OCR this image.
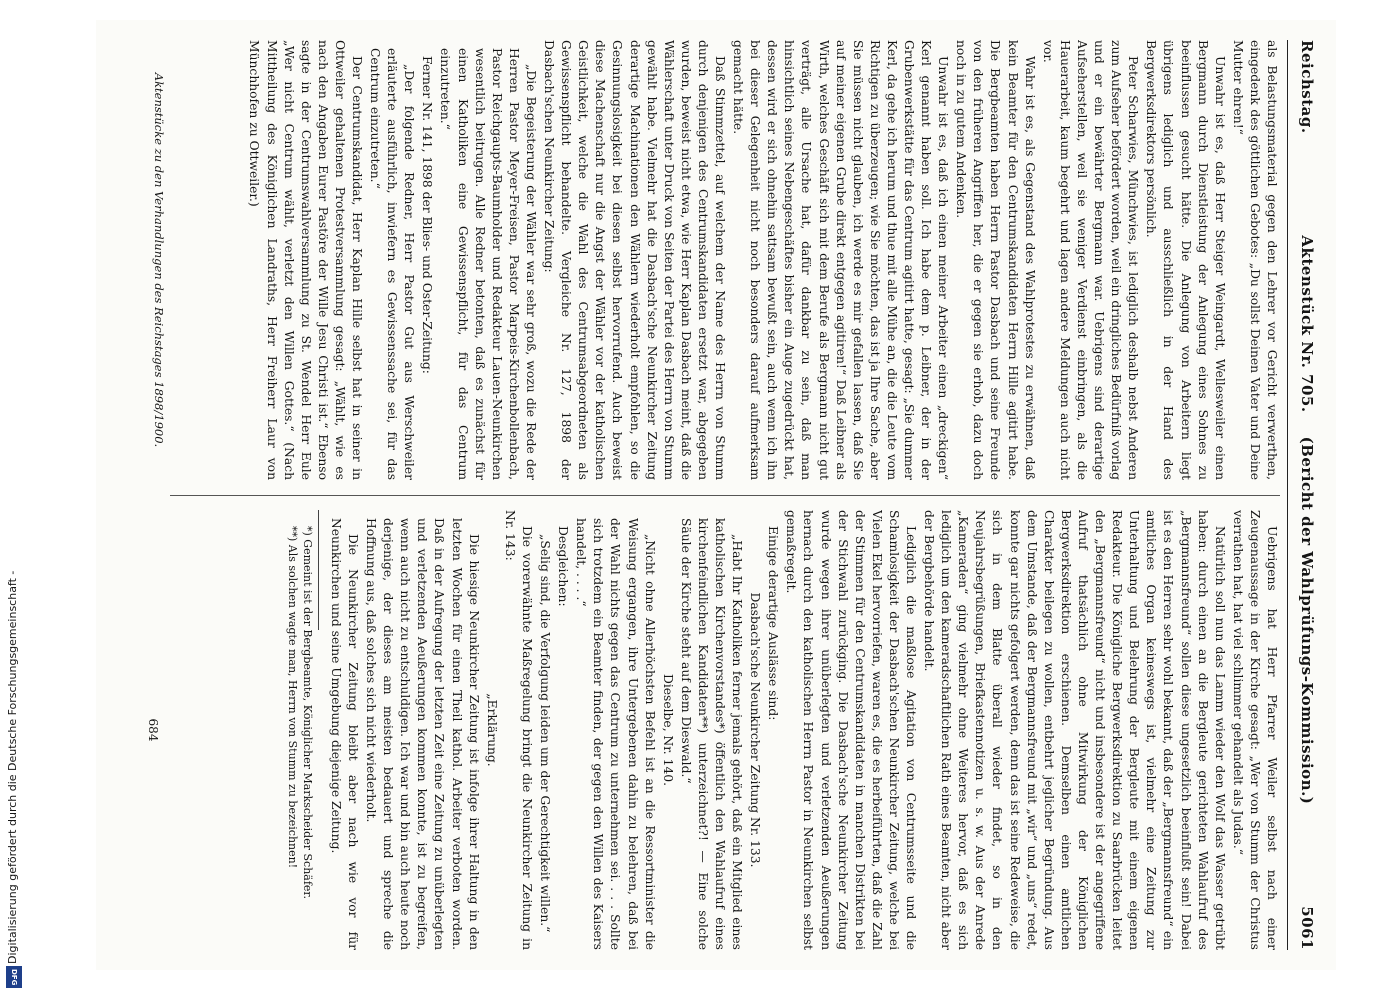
Reichstag.
Aktenstück Nr. 705.
(Bericht der Wahlprüfungs-Kommission.)
5061

als Belastungsmaterial gegen den Lehrer vor Gericht verwerthen, eingedenk des göttlichen Gebotes: „Du sollst Deinen Vater und Deine Mutter ehren!“

Unwahr ist es, daß Herr Steiger Weingardt, Wellesweiler einen Bergmann durch Dienstleistung der Anlegung eines Sohnes zu beeinflussen gesucht hätte. Die Anlegung von Arbeitern liegt übrigens lediglich und ausschließlich in der Hand des Bergwerksdirektors persönlich.

Peter Scharwies, Münchwies, ist lediglich deshalb nebst Anderen zum Aufseher befördert worden, weil ein dringliches Bedürfniß vorlag und er ein bewährter Bergmann war. Uebrigens sind derartige Aufseherstellen, weil sie weniger Verdienst einbringen, als die Hauerarbeit, kaum begehrt und lagen andere Meldungen auch nicht vor.

Wahr ist es, als Gegenstand des Wahlprotestes zu erwähnen, daß kein Beamter für den Centrumskandidaten Herrn Hille agitirt habe. Die Bergbeamten haben Herrn Pastor Dasbach und seine Freunde von den früheren Angriffen her, die er gegen sie erhob, dazu doch noch in zu gutem Andenken.

Unwahr ist es, daß ich einen meiner Arbeiter einen „dreckigen“ Kerl genannt haben soll. Ich habe dem p. Leibner, der in der Grubenwerkstätte für das Centrum agitirt hatte, gesagt: „Sie dummer Kerl, da gehe ich herum und thue mit alle Mühe an, die die Leute vom Richtigen zu überzeugen; wie Sie möchten, das ist ja Ihre Sache, aber Sie müssen nicht glauben, ich werde es mir gefallen lassen, daß Sie auf meiner eigenen Grube direkt entgegen agitiren!“ Daß Leibner als Wirth, welches Geschäft sich mit dem Berufe als Bergmann nicht gut verträgt, alle Ursache hat, dafür dankbar zu sein, daß man hinsichtlich seines Nebengeschäftes bisher ein Auge zugedrückt hat, dessen wird er sich ohnehin sattsam bewußt sein, auch wenn ich ihn bei dieser Gelegenheit nicht noch besonders darauf aufmerksam gemacht hätte.

Daß Stimmzettel, auf welchem der Name des Herrn von Stumm durch denjenigen des Centrumskandidaten ersetzt war, abgegeben wurden, beweist nicht etwa, wie Herr Kaplan Dasbach meint, daß die Wählerschaft unter Druck von Seiten der Partei des Herrn von Stumm gewählt habe. Vielmehr hat die Dasbach'sche Neunkircher Zeitung derartige Machinationen den Wählern wiederholt empfohlen, so die Gesinnungslosigkeit bei diesen selbst hervorrufend. Auch beweist diese Machenschaft nur die Angst der Wähler vor der katholischen Geistlichkeit, welche die Wahl des Centrumsabgeordneten als Gewissenspflicht behandelte. Vergleiche Nr. 127, 1898 der Dasbach'schen Neunkircher Zeitung:

„Die Begeisterung der Wähler war sehr groß, wozu die Rede der Herren Pastor Meyer-Freisen, Pastor Marpeis-Kirchenbollenbach, Pastor Reichgaupts-Baumholder und Redakteur Lauen-Neunkirchen wesentlich beitrugen. Alle Redner betonten, daß es zunächst für einen Katholiken eine Gewissenspflicht, für das Centrum einzutreten.“

Ferner Nr. 141, 1898 der Blies- und Oster-Zeitung:

„Der folgende Redner, Herr Pastor Gut aus Werschweiler erläuterte ausführlich, inwiefern es Gewissenssache sei, für das Centrum einzutreten.“

Der Centrumskandidat, Herr Kaplan Hille selbst hat in seiner in Ottweiler gehaltenen Protestversammlung gesagt: „Wählt, wie es nach den Angaben Eurer Pastöre der Wille Jesu Christi ist.“ Ebenso sagte in der Centrumswahlversammlung zu St. Wendel Herr Eule „Wer nicht Centrum wählt, verletzt den Willen Gottes.“ (Nach Mittheilung des Königlichen Landraths, Herr Freiherr Laur von Münchhofen zu Ottweiler.)

Uebrigens hat Herr Pfarrer Weiler selbst nach einer Zeugenaussage in der Kirche gesagt: „Wer von Stumm der Christus verrathen hat, hat viel schlimmer gehandelt als Judas.“

Natürlich soll nun das Lamm wieder den Wolf das Wasser getrübt haben: durch einen an die Bergleute gerichteten Wahlaufruf des „Bergmannsfreund“ sollen diese ungesetzlich beeinflußt sein! Dabei ist es den Herren sehr wohl bekannt, daß der „Bergmannsfreund“ ein amtliches Organ keineswegs ist, vielmehr eine Zeitung zur Unterhaltung und Belehrung der Bergleute mit einem eigenen Redakteur. Die Königliche Bergwerksdirektion zu Saarbrücken leitet den „Bergmannsfreund“ nicht und insbesondere ist der angegriffene Aufruf thatsächlich ohne Mitwirkung der Königlichen Bergwerksdirektion erschienen. Demselben einen amtlichen Charakter beilegen zu wollen, entbehrt jeglicher Begründung. Aus dem Umstande, daß der Bergmannsfreund mit „wir“ und „uns“ redet, konnte gar nichts gefolgert werden, denn das ist seine Redeweise, die sich in dem Blatte überall wieder findet, so in den Neujahrsbegrüßungen, Briefkastennotizen u. s. w. Aus der Anrede „Kameraden“ ging vielmehr ohne Weiteres hervor, daß es sich lediglich um den kameradschaftlichen Rath eines Beamten, nicht aber der Bergbehörde handelt.

Lediglich die maßlose Agitation von Centrumsseite und die Schamlosigkeit der Dasbach'schen Neunkircher Zeitung, welche bei Vielen Ekel hervorriefen, waren es, die es herbeiführten, daß die Zahl der Stimmen für den Centrumskandidaten in manchen Distrikten bei der Stichwahl zurückging. Die Dasbach'sche Neunkircher Zeitung wurde wegen ihrer unüberlegten und verletzenden Aeußerungen hernach durch den katholischen Herrn Pastor in Neunkirchen selbst gemaßregelt.

Einige derartige Auslässe sind:

Dasbach'sche Neunkircher Zeitung Nr. 133.

„Habt Ihr Katholiken ferner jemals gehört, daß ein Mitglied eines katholischen Kirchenvorstandes*) öffentlich den Wahlaufruf eines kirchenfeindlichen Kandidaten**) unterzeichnet?! — Eine solche Säule der Kirche steht auf dem Dieswald.“

Dieselbe, Nr. 140.

„Nicht ohne Allerhöchsten Befehl ist an die Ressortminister die Weisung ergangen, ihre Untergebenen dahin zu belehren, daß bei der Wahl nichts gegen das Centrum zu unternehmen sei. . . . Sollte sich trotzdem ein Beamter finden, der gegen den Willen des Kaisers handelt, . . . .“

Desgleichen:

„Selig sind, die Verfolgung leiden um der Gerechtigkeit willen.“

Die vorerwähnte Maßregelung bringt die Neunkircher Zeitung in Nr. 143:

„Erklärung.

Die hiesige Neunkircher Zeitung ist infolge ihrer Haltung in den letzten Wochen für einen Theil kathol. Arbeiter verboten worden. Daß in der Aufregung der letzten Zeit eine Zeitung zu unüberlegten und verletzenden Aeußerungen kommen konnte, ist zu begreifen, wenn auch nicht zu entschuldigen. Ich war und bin auch heute noch derjenige, der dieses am meisten bedauert und spreche die Hoffnung aus, daß solches sich nicht wiederholt.

Die Neunkircher Zeitung bleibt aber nach wie vor für Neunkirchen und seine Umgebung diejenige Zeitung.

*) Gemeint ist der Bergbeamte, Königlicher Markscheider Schäfer.

**) Als solchen wagte man, Herrn von Stumm zu bezeichnen!

Aktenstücke zu den Verhandlungen des Reichstages 1898/1900.
684
Digitalisierung gefördert durch die Deutsche Forschungsgemeinschaft -
DFG
